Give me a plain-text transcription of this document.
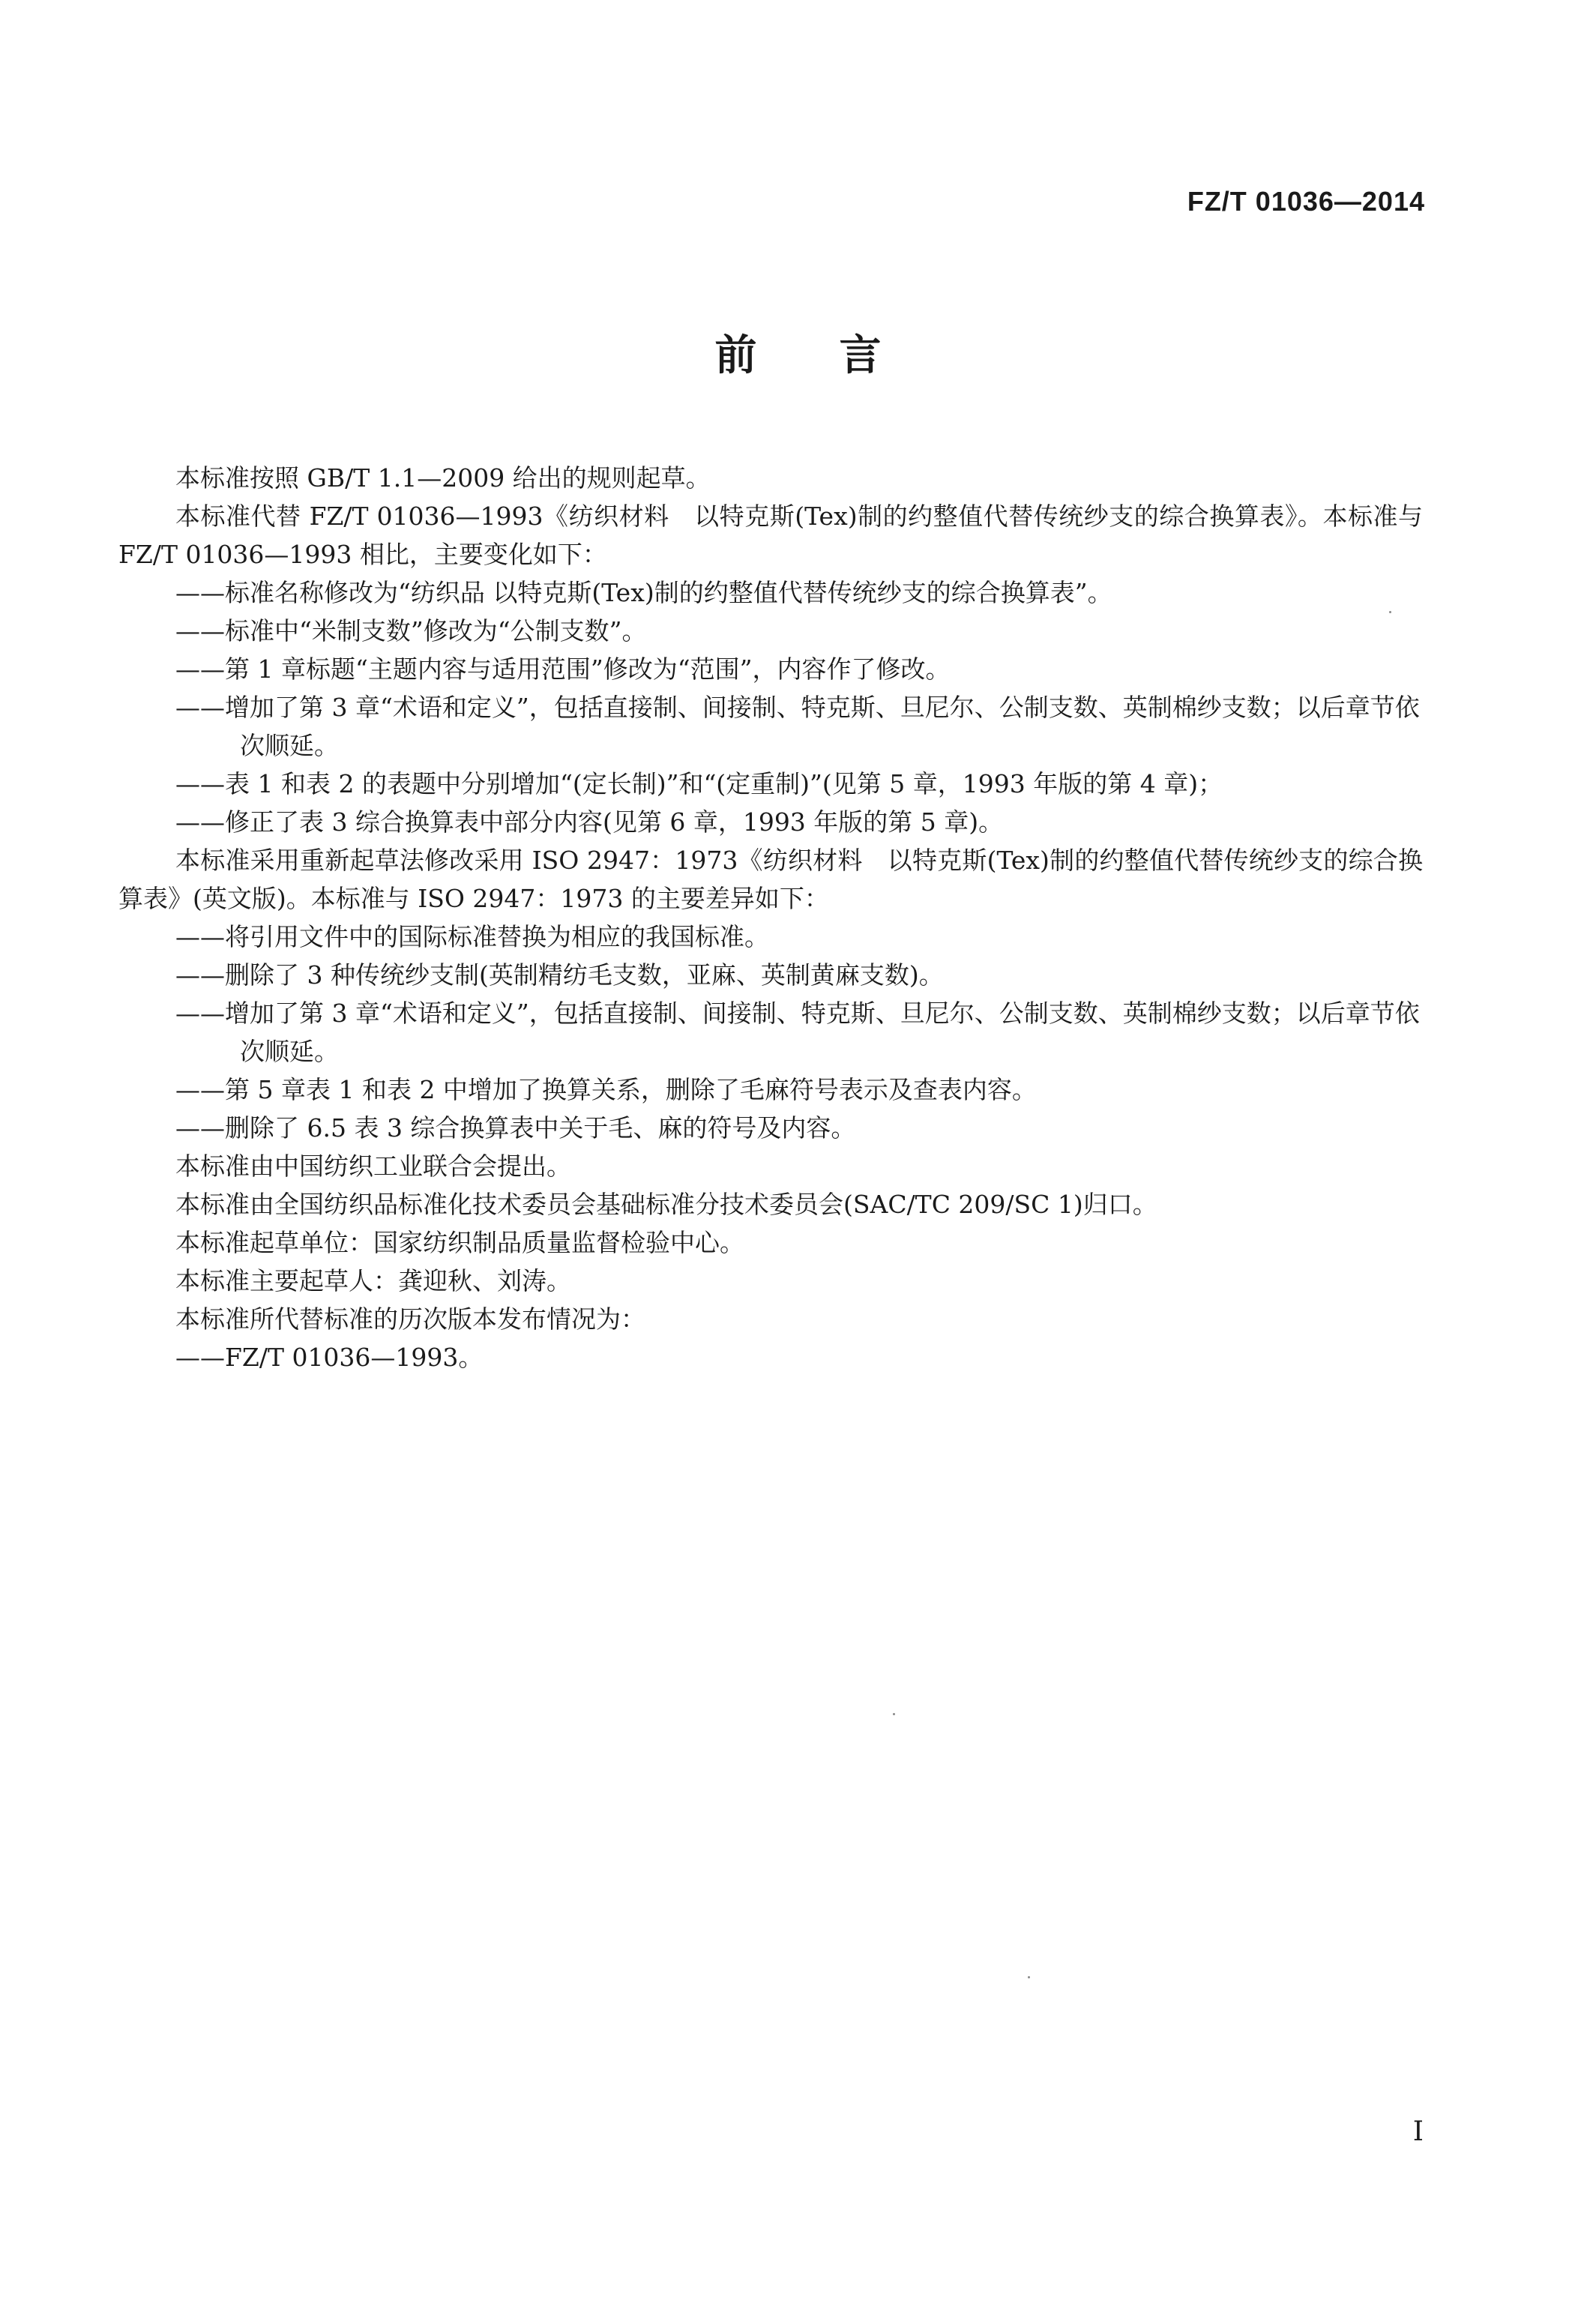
FZ/T 01036—2014
前言

本标准按照 GB/T 1.1—2009 给出的规则起草。

本标准代替 FZ/T 01036—1993《纺织材料　以特克斯(Tex)制的约整值代替传统纱支的综合换算表》。本标准与 FZ/T 01036—1993 相比，主要变化如下：

——标准名称修改为“纺织品 以特克斯(Tex)制的约整值代替传统纱支的综合换算表”。

——标准中“米制支数”修改为“公制支数”。

——第 1 章标题“主题内容与适用范围”修改为“范围”，内容作了修改。

——增加了第 3 章“术语和定义”，包括直接制、间接制、特克斯、旦尼尔、公制支数、英制棉纱支数；以后章节依次顺延。

——表 1 和表 2 的表题中分别增加“(定长制)”和“(定重制)”(见第 5 章，1993 年版的第 4 章)；

——修正了表 3 综合换算表中部分内容(见第 6 章，1993 年版的第 5 章)。

本标准采用重新起草法修改采用 ISO 2947：1973《纺织材料　以特克斯(Tex)制的约整值代替传统纱支的综合换算表》(英文版)。本标准与 ISO 2947：1973 的主要差异如下：

——将引用文件中的国际标准替换为相应的我国标准。

——删除了 3 种传统纱支制(英制精纺毛支数，亚麻、英制黄麻支数)。

——增加了第 3 章“术语和定义”，包括直接制、间接制、特克斯、旦尼尔、公制支数、英制棉纱支数；以后章节依次顺延。

——第 5 章表 1 和表 2 中增加了换算关系，删除了毛麻符号表示及查表内容。

——删除了 6.5 表 3 综合换算表中关于毛、麻的符号及内容。

本标准由中国纺织工业联合会提出。

本标准由全国纺织品标准化技术委员会基础标准分技术委员会(SAC/TC 209/SC 1)归口。

本标准起草单位：国家纺织制品质量监督检验中心。

本标准主要起草人：龚迎秋、刘涛。

本标准所代替标准的历次版本发布情况为：

——FZ/T 01036—1993。

I
